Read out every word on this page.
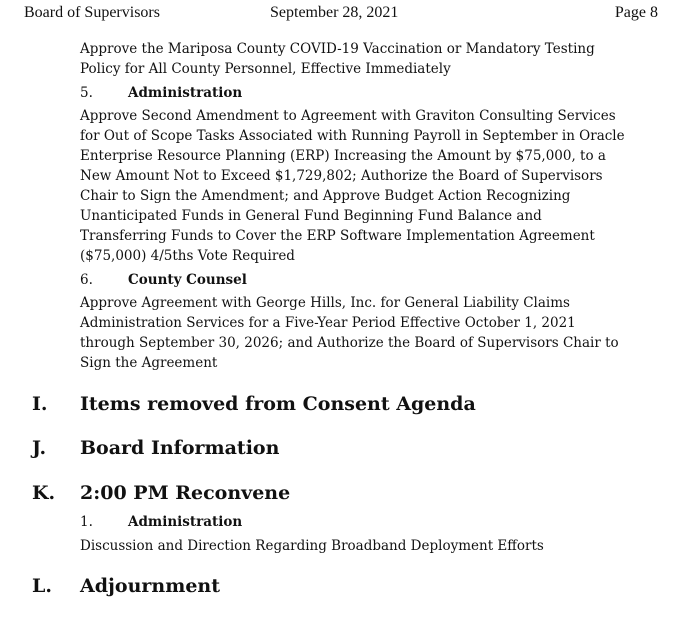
Board of Supervisors	September 28, 2021	Page 8

Approve the Mariposa County COVID-19 Vaccination or Mandatory Testing
Policy for All County Personnel, Effective Immediately

5.	Administration

Approve Second Amendment to Agreement with Graviton Consulting Services
for Out of Scope Tasks Associated with Running Payroll in September in Oracle
Enterprise Resource Planning (ERP) Increasing the Amount by $75,000, to a
New Amount Not to Exceed $1,729,802; Authorize the Board of Supervisors
Chair to Sign the Amendment; and Approve Budget Action Recognizing
Unanticipated Funds in General Fund Beginning Fund Balance and
Transferring Funds to Cover the ERP Software Implementation Agreement
($75,000) 4/5ths Vote Required

6.	County Counsel

Approve Agreement with George Hills, Inc. for General Liability Claims
Administration Services for a Five-Year Period Effective October 1, 2021
through September 30, 2026; and Authorize the Board of Supervisors Chair to
Sign the Agreement

I. Items removed from Consent Agenda
J. Board Information
K. 2:00 PM Reconvene
1.	Administration

Discussion and Direction Regarding Broadband Deployment Efforts

L. Adjournment
